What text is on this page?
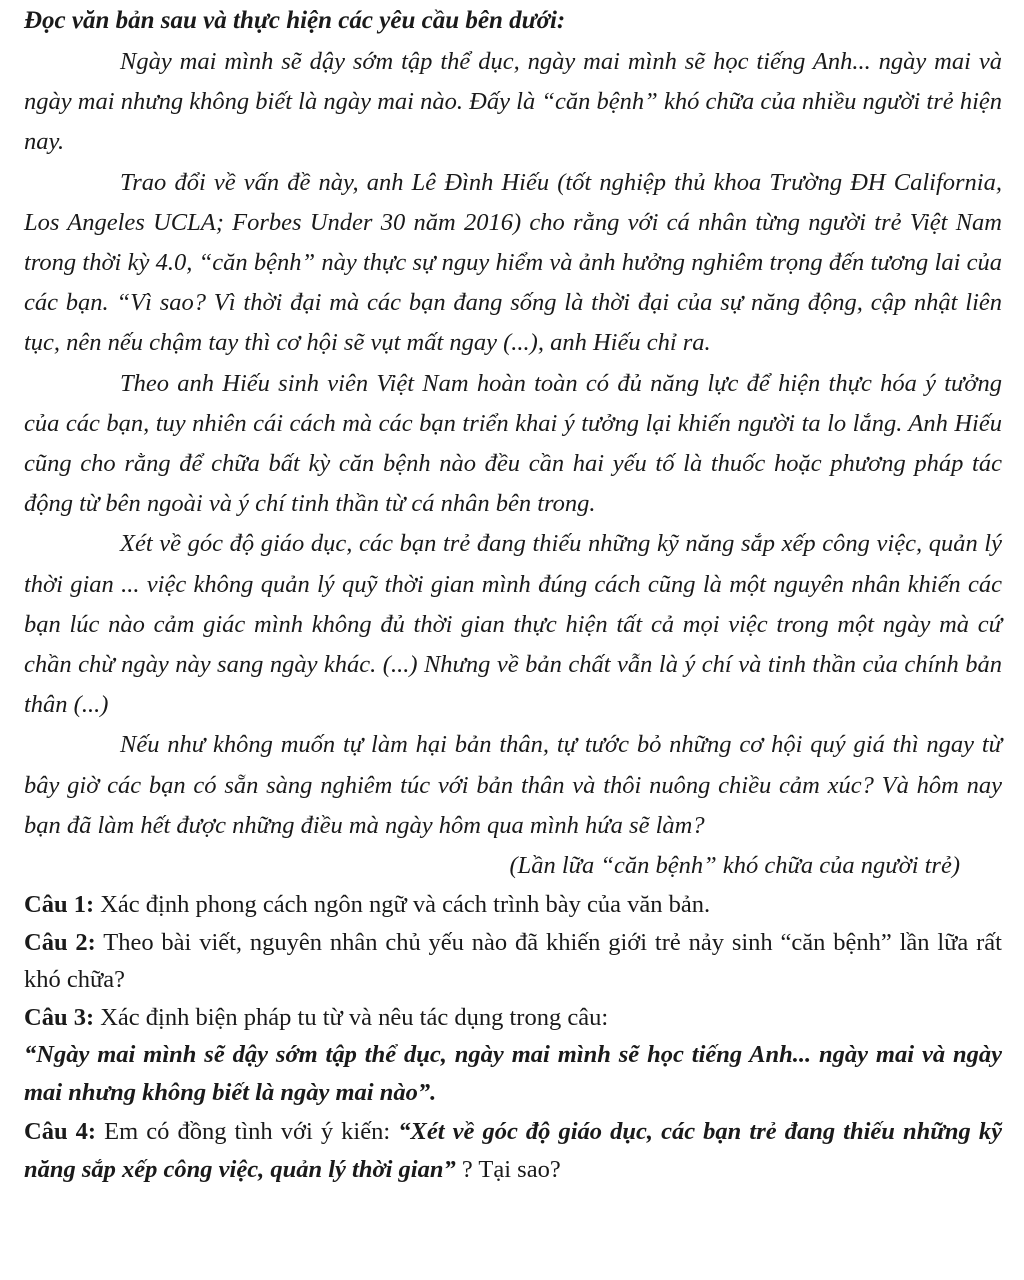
Đọc văn bản sau và thực hiện các yêu cầu bên dưới:

Ngày mai mình sẽ dậy sớm tập thể dục, ngày mai mình sẽ học tiếng Anh... ngày mai và ngày mai nhưng không biết là ngày mai nào. Đấy là “căn bệnh” khó chữa của nhiều người trẻ hiện nay.

Trao đổi về vấn đề này, anh Lê Đình Hiếu (tốt nghiệp thủ khoa Trường ĐH California, Los Angeles UCLA; Forbes Under 30 năm 2016) cho rằng với cá nhân từng người trẻ Việt Nam trong thời kỳ 4.0, “căn bệnh” này thực sự nguy hiểm và ảnh hưởng nghiêm trọng đến tương lai của các bạn. “Vì sao? Vì thời đại mà các bạn đang sống là thời đại của sự năng động, cập nhật liên tục, nên nếu chậm tay thì cơ hội sẽ vụt mất ngay (...), anh Hiếu chỉ ra.

Theo anh Hiếu sinh viên Việt Nam hoàn toàn có đủ năng lực để hiện thực hóa ý tưởng của các bạn, tuy nhiên cái cách mà các bạn triển khai ý tưởng lại khiến người ta lo lắng. Anh Hiếu cũng cho rằng để chữa bất kỳ căn bệnh nào đều cần hai yếu tố là thuốc hoặc phương pháp tác động từ bên ngoài và ý chí tinh thần từ cá nhân bên trong.

Xét về góc độ giáo dục, các bạn trẻ đang thiếu những kỹ năng sắp xếp công việc, quản lý thời gian ... việc không quản lý quỹ thời gian mình đúng cách cũng là một nguyên nhân khiến các bạn lúc nào cảm giác mình không đủ thời gian thực hiện tất cả mọi việc trong một ngày mà cứ chần chừ ngày này sang ngày khác. (...) Nhưng về bản chất vẫn là ý chí và tinh thần của chính bản thân (...)

Nếu như không muốn tự làm hại bản thân, tự tước bỏ những cơ hội quý giá thì ngay từ bây giờ các bạn có sẵn sàng nghiêm túc với bản thân và thôi nuông chiều cảm xúc? Và hôm nay bạn đã làm hết được những điều mà ngày hôm qua mình hứa sẽ làm?

(Lần lữa “căn bệnh” khó chữa của người trẻ)

Câu 1: Xác định phong cách ngôn ngữ và cách trình bày của văn bản.

Câu 2: Theo bài viết, nguyên nhân chủ yếu nào đã khiến giới trẻ nảy sinh “căn bệnh” lần lữa rất khó chữa?

Câu 3: Xác định biện pháp tu từ và nêu tác dụng trong câu:

“Ngày mai mình sẽ dậy sớm tập thể dục, ngày mai mình sẽ học tiếng Anh... ngày mai và ngày mai nhưng không biết là ngày mai nào”.

Câu 4: Em có đồng tình với ý kiến: “Xét về góc độ giáo dục, các bạn trẻ đang thiếu những kỹ năng sắp xếp công việc, quản lý thời gian” ? Tại sao?
